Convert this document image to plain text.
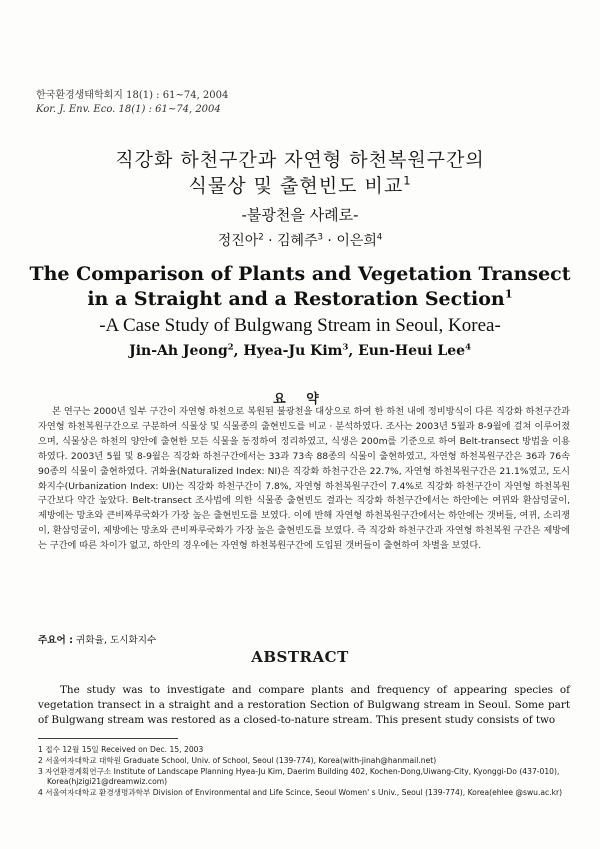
한국환경생태학회지 18(1) : 61~74, 2004
Kor. J. Env. Eco. 18(1) : 61~74, 2004
직강화 하천구간과 자연형 하천복원구간의
식물상 및 출현빈도 비교$^1$
-불광천을 사례로-
정진아$^2$ · 김혜주$^3$ · 이은희$^4$
The Comparison of Plants and Vegetation Transect
in a Straight and a Restoration Section$^1$
-A Case Study of Bulgwang Stream in Seoul, Korea-
Jin-Ah Jeong$^2$, Hyea-Ju Kim$^3$, Eun-Heui Lee$^4$
요 약

본 연구는 2000년 일부 구간이 자연형 하천으로 복원된 불광천을 대상으로 하여 한 하천 내에 정비방식이 다른 직강화 하천구간과 자연형 하천복원구간으로 구분하여 식물상 및 식물종의 출현빈도를 비교 · 분석하였다. 조사는 2003년 5월과 8-9월에 걸쳐 이루어졌으며, 식물상은 하천의 양안에 출현한 모든 식물을 동정하여 정리하였고, 식생은 200m를 기준으로 하여 Belt-transect 방법을 이용하였다. 2003년 5월 및 8-9월은 직강화 하천구간에서는 33과 73속 88종의 식물이 출현하였고, 자연형 하천복원구간은 36과 76속 90종의 식물이 출현하였다. 귀화율(Naturalized Index: NI)은 직강화 하천구간은 22.7%, 자연형 하천복원구간은 21.1%였고, 도시화지수(Urbanization Index: UI)는 직강화 하천구간이 7.8%, 자연형 하천복원구간이 7.4%로 직강화 하천구간이 자연형 하천복원구간보다 약간 높았다. Belt-transect 조사법에 의한 식물종 출현빈도 결과는 직강화 하천구간에서는 하안에는 여뀌와 환삼덩굴이, 제방에는 망초와 큰비짜루국화가 가장 높은 출현빈도를 보였다. 이에 반해 자연형 하천복원구간에서는 하안에는 갯버들, 여뀌, 소리쟁이, 환삼덩굴이, 제방에는 망초와 큰비짜루국화가 가장 높은 출현빈도를 보였다. 즉 직강화 하천구간과 자연형 하천복원 구간은 제방에는 구간에 따른 차이가 없고, 하안의 경우에는 자연형 하천복원구간에 도입된 갯버들이 출현하여 차별을 보였다.

주요어 : 귀화율, 도시화지수
ABSTRACT

The study was to investigate and compare plants and frequency of appearing species of vegetation transect in a straight and a restoration Section of Bulgwang stream in Seoul. Some part of Bulgwang stream was restored as a closed-to-nature stream. This present study consists of two

1 접수 12월 15일 Received on Dec. 15, 2003

2 서울여자대학교 대학원 Graduate School, Univ. of School, Seoul (139-774), Korea(with-jinah@hanmail.net)

3 자연환경계획연구소 Institute of Landscape Planning Hyea-Ju Kim, Daerim Building 402, Kochen-Dong,Uiwang-City, Kyonggi-Do (437-010), Korea(hjzigi21@dreamwiz.com)

4 서울여자대학교 환경생명과학부 Division of Environmental and Life Scince, Seoul Women' s Univ., Seoul (139-774), Korea(ehlee @swu.ac.kr)
